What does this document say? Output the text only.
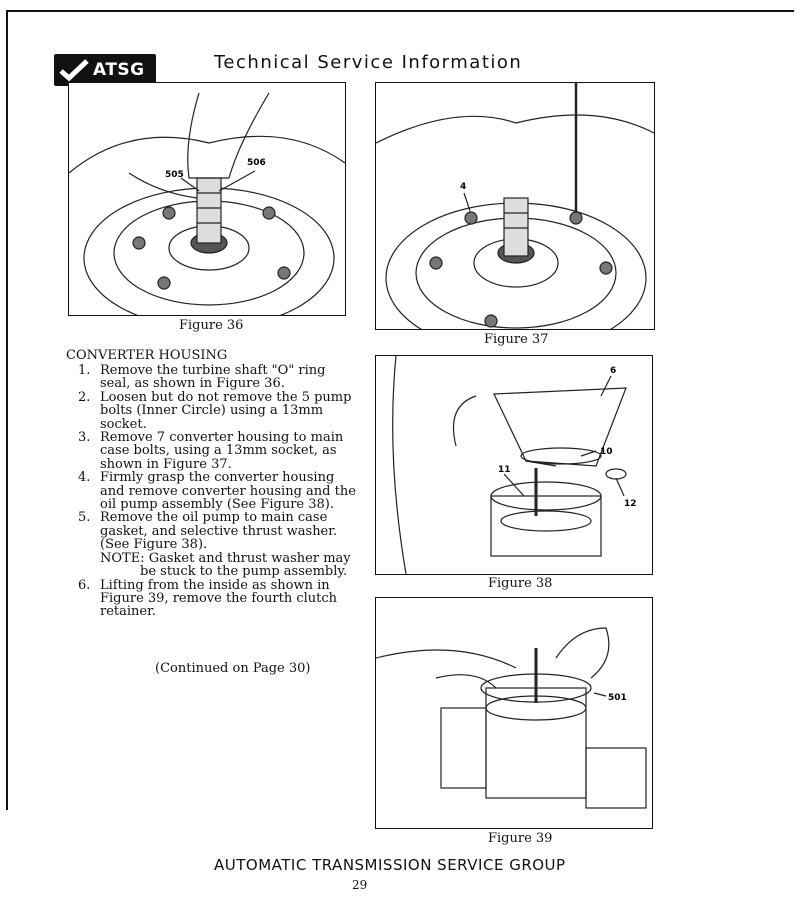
ATSG	Technical Service Information
505
506
Figure 36
4
Figure 37
6
10
11
12
Figure 38
501
Figure 39
CONVERTER HOUSING
1. Remove the turbine shaft "O" ring
seal, as shown in Figure 36.
2. Loosen but do not remove the 5 pump
bolts (Inner Circle) using a 13mm
socket.
3. Remove 7 converter housing to main
case bolts, using a 13mm socket, as
shown in Figure 37.
4. Firmly grasp the converter housing
and remove converter housing and the
oil pump assembly (See Figure 38).
5. Remove the oil pump to main case
gasket, and selective thrust washer.
(See Figure 38).
NOTE: Gasket and thrust washer may
be stuck to the pump assembly.
6. Lifting from the inside as shown in
Figure 39, remove the fourth clutch
retainer.
(Continued on Page 30)
AUTOMATIC TRANSMISSION SERVICE GROUP
29
